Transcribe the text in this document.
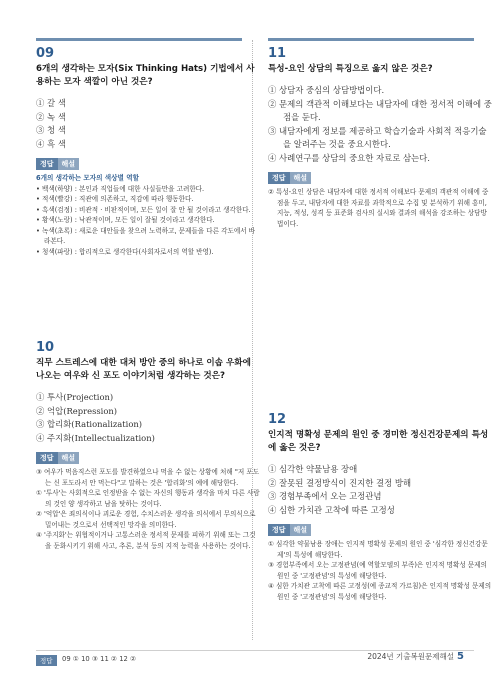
09

6개의 생각하는 모자(Six Thinking Hats) 기법에서 사용하는 모자 색깔이 아닌 것은?

① 갈 색
② 녹 색
③ 청 색
④ 흑 색
정답	해설
6개의 생각하는 모자의 색상별 역할
• 백색(하양) : 본인과 직업들에 대한 사실들만을 고려한다.
• 적색(빨강) : 직관에 의존하고, 직감에 따라 행동한다.
• 흑색(검정) : 비관적 · 비판적이며, 모든 일이 잘 안 될 것이라고 생각한다.
• 황색(노랑) : 낙관적이며, 모든 일이 잘될 것이라고 생각한다.
• 녹색(초록) : 새로운 대안들을 찾으려 노력하고, 문제들을 다른 각도에서 바라본다.
• 청색(파랑) : 합리적으로 생각한다(사회자로서의 역할 반영).

10

직무 스트레스에 대한 대처 방안 중의 하나로 이솝 우화에 나오는 여우와 신 포도 이야기처럼 생각하는 것은?

① 투사(Projection)
② 억압(Repression)
③ 합리화(Rationalization)
④ 주지화(Intellectualization)
정답	해설

③ 여우가 먹음직스런 포도를 발견하였으나 먹을 수 없는 상황에 처해 "저 포도는 신 포도라서 안 먹는다"고 말하는 것은 '합리화'의 예에 해당한다.

① '투사'는 사회적으로 인정받을 수 없는 자신의 행동과 생각을 마치 다른 사람의 것인 양 생각하고 남을 탓하는 것이다.

② '억압'은 죄의식이나 괴로운 경험, 수치스러운 생각을 의식에서 무의식으로 밀어내는 것으로서 선택적인 망각을 의미한다.

④ '주지화'는 위협적이거나 고통스러운 정서적 문제를 피하기 위해 또는 그것을 둔화시키기 위해 사고, 추론, 분석 등의 지적 능력을 사용하는 것이다.

11

특성-요인 상담의 특징으로 옳지 않은 것은?

① 상담자 중심의 상담방법이다.
② 문제의 객관적 이해보다는 내담자에 대한 정서적 이해에 중점을 둔다.
③ 내담자에게 정보를 제공하고 학습기술과 사회적 적응기술을 알려주는 것을 중요시한다.
④ 사례연구를 상담의 중요한 자료로 삼는다.
정답	해설

② 특성-요인 상담은 내담자에 대한 정서적 이해보다 문제의 객관적 이해에 중점을 두고, 내담자에 대한 자료를 과학적으로 수집 및 분석하기 위해 흥미, 지능, 적성, 성격 등 표준화 검사의 실시와 결과의 해석을 강조하는 상담방법이다.

12

인지적 명확성 문제의 원인 중 경미한 정신건강문제의 특성에 옳은 것은?

① 심각한 약물남용 장애
② 잘못된 결정방식이 진지한 결정 방해
③ 경험부족에서 오는 고정관념
④ 심한 가치관 고착에 따른 고정성
정답	해설

① 심각한 약물남용 장애는 인지적 명확성 문제의 원인 중 '심각한 정신건강문제'의 특성에 해당한다.

③ 경험부족에서 오는 고정관념(예 역할모델의 부족)은 인지적 명확성 문제의 원인 중 '고정관념'의 특성에 해당한다.

④ 심한 가치관 고착에 따른 고정성(예 종교적 가르침)은 인지적 명확성 문제의 원인 중 '고정관념'의 특성에 해당한다.

정답	09 ① 10 ③ 11 ② 12 ②	2024년 기출복원문제해설 5
